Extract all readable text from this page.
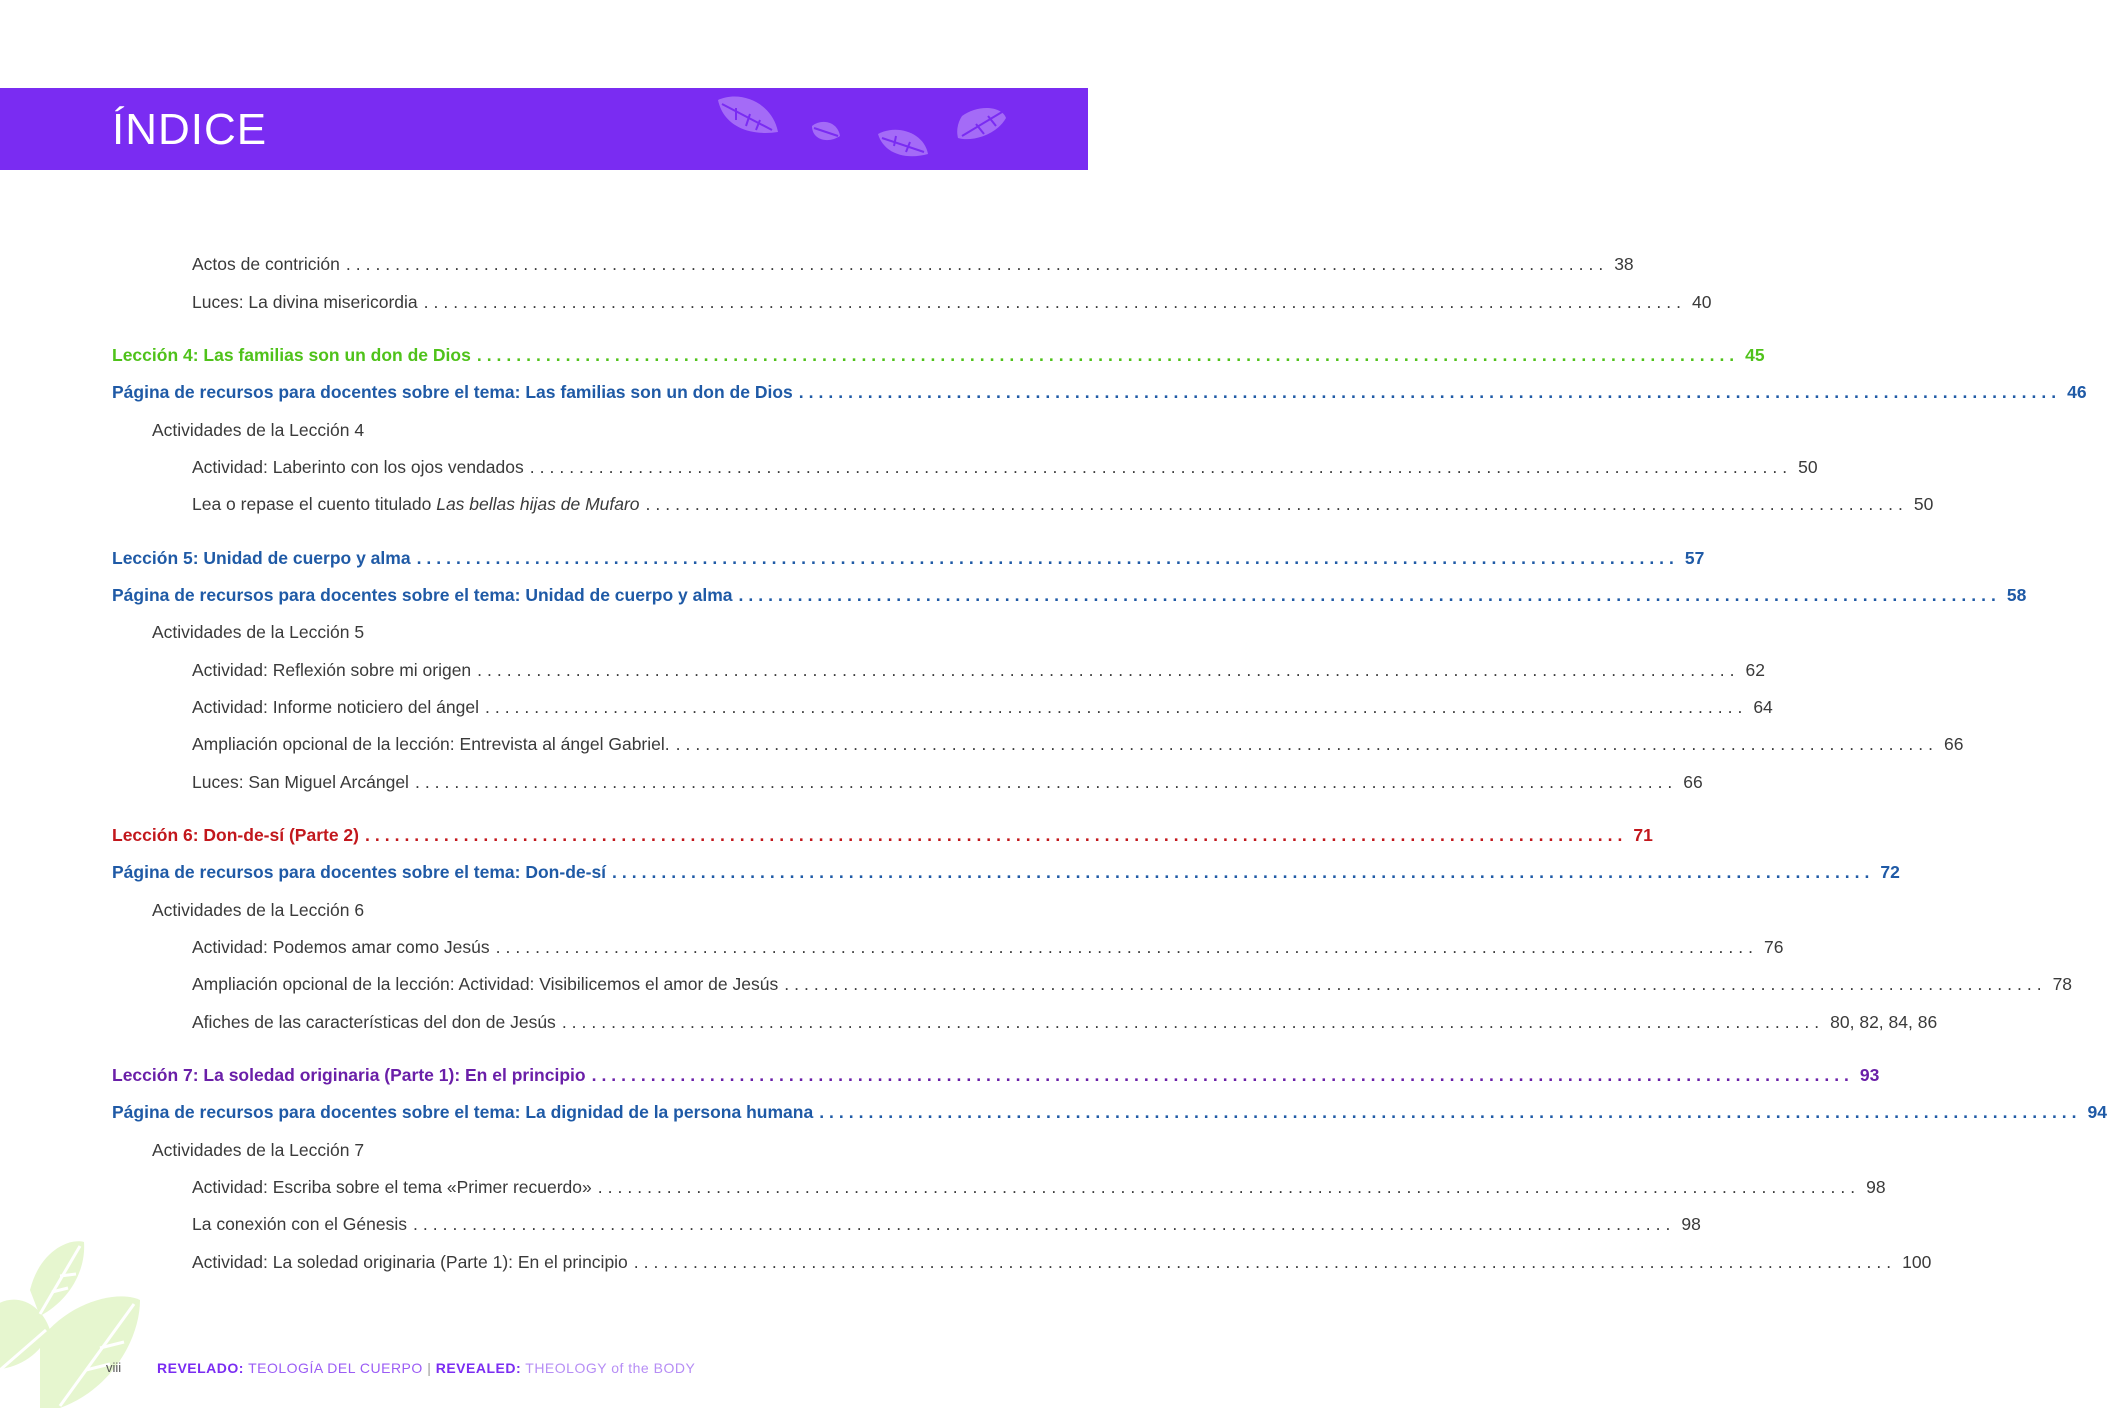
ÍNDICE
Actos de contrición ................................................................................................................................ 38
Luces: La divina misericordia ................................................................................................................................ 40
Lección 4: Las familias son un don de Dios ................................................................................................................................ 45
Página de recursos para docentes sobre el tema: Las familias son un don de Dios ................................................................................................................................ 46
Actividades de la Lección 4
Actividad: Laberinto con los ojos vendados ................................................................................................................................ 50
Lea o repase el cuento titulado Las bellas hijas de Mufaro ................................................................................................................................ 50
Lección 5: Unidad de cuerpo y alma ................................................................................................................................ 57
Página de recursos para docentes sobre el tema: Unidad de cuerpo y alma ................................................................................................................................ 58
Actividades de la Lección 5
Actividad: Reflexión sobre mi origen ................................................................................................................................ 62
Actividad: Informe noticiero del ángel ................................................................................................................................ 64
Ampliación opcional de la lección: Entrevista al ángel Gabriel. ................................................................................................................................ 66
Luces: San Miguel Arcángel ................................................................................................................................ 66
Lección 6: Don-de-sí (Parte 2) ................................................................................................................................ 71
Página de recursos para docentes sobre el tema: Don-de-sí ................................................................................................................................ 72
Actividades de la Lección 6
Actividad: Podemos amar como Jesús ................................................................................................................................ 76
Ampliación opcional de la lección: Actividad: Visibilicemos el amor de Jesús ................................................................................................................................ 78
Afiches de las características del don de Jesús ................................................................................................................................ 80, 82, 84, 86
Lección 7: La soledad originaria (Parte 1): En el principio ................................................................................................................................ 93
Página de recursos para docentes sobre el tema: La dignidad de la persona humana ................................................................................................................................ 94
Actividades de la Lección 7
Actividad: Escriba sobre el tema «Primer recuerdo» ................................................................................................................................ 98
La conexión con el Génesis ................................................................................................................................ 98
Actividad: La soledad originaria (Parte 1): En el principio ................................................................................................................................ 100
viii	REVELADO: TEOLOGÍA DEL CUERPO | REVEALED: THEOLOGY of the BODY
